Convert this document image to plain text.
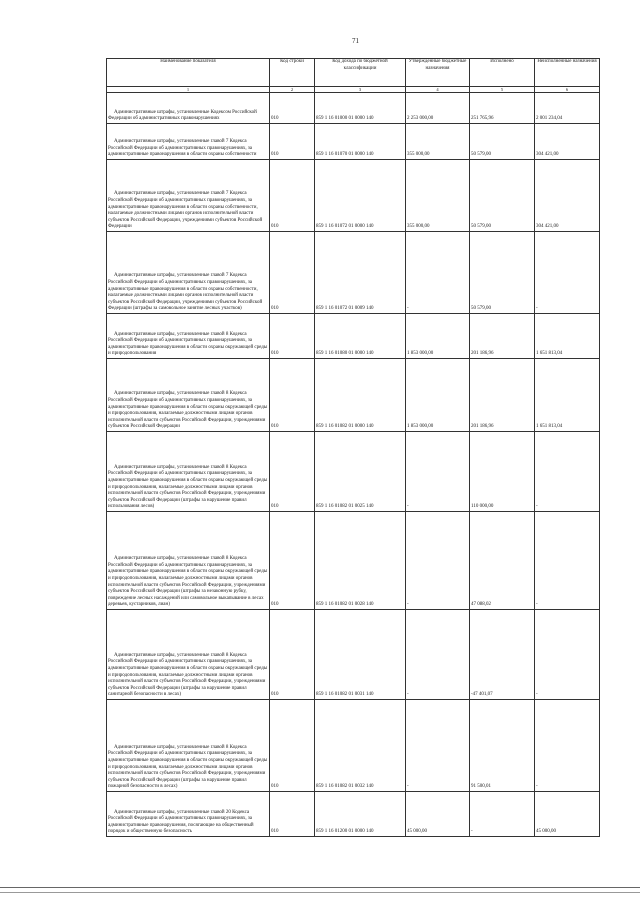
71
Наименование показателя	Код строки	Код дохода по бюджетной классификации	Утвержденные бюджетные назначения	Исполнено	Неисполненные назначения
1	2	3	4	5	6
Административные штрафы, установленные Кодексом Российской Федерации об административных правонарушениях	010	859 1 16 01000 01 0000 140	2 253 000,00	251 765,96	2 001 234,04
Административные штрафы, установленные главой 7 Кодекса Российской Федерации об административных правонарушениях, за административные правонарушения в области охраны собственности	010	859 1 16 01070 01 0000 140	355 000,00	50 579,00	304 421,00
Административные штрафы, установленные главой 7 Кодекса Российской Федерации об административных правонарушениях, за административные правонарушения в области охраны собственности, налагаемые должностными лицами органов исполнительной власти субъектов Российской Федерации, учреждениями субъектов Российской Федерации	010	859 1 16 01072 01 0000 140	355 000,00	50 579,00	304 421,00
Административные штрафы, установленные главой 7 Кодекса Российской Федерации об административных правонарушениях, за административные правонарушения в области охраны собственности, налагаемые должностными лицами органов исполнительной власти субъектов Российской Федерации, учреждениями субъектов Российской Федерации (штрафы за самовольное занятие лесных участков)	010	859 1 16 01072 01 0009 140	-	50 579,00	-
Административные штрафы, установленные главой 8 Кодекса Российской Федерации об административных правонарушениях, за административные правонарушения в области охраны окружающей среды и природопользования	010	859 1 16 01080 01 0000 140	1 853 000,00	201 186,96	1 651 813,04
Административные штрафы, установленные главой 8 Кодекса Российской Федерации об административных правонарушениях, за административные правонарушения в области охраны окружающей среды и природопользования, налагаемые должностными лицами органов исполнительной власти субъектов Российской Федерации, учреждениями субъектов Российской Федерации	010	859 1 16 01082 01 0000 140	1 853 000,00	201 186,96	1 651 813,04
Административные штрафы, установленные главой 8 Кодекса Российской Федерации об административных правонарушениях, за административные правонарушения в области охраны окружающей среды и природопользования, налагаемые должностными лицами органов исполнительной власти субъектов Российской Федерации, учреждениями субъектов Российской Федерации (штрафы за нарушение правил использования лесов)	010	859 1 16 01082 01 0025 140	-	110 000,00	-
Административные штрафы, установленные главой 8 Кодекса Российской Федерации об административных правонарушениях, за административные правонарушения в области охраны окружающей среды и природопользования, налагаемые должностными лицами органов исполнительной власти субъектов Российской Федерации, учреждениями субъектов Российской Федерации (штрафы за незаконную рубку, повреждение лесных насаждений или самовольное выкапывание в лесах деревьев, кустарников, лиан)	010	859 1 16 01082 01 0028 140	-	47 088,02	-
Административные штрафы, установленные главой 8 Кодекса Российской Федерации об административных правонарушениях, за административные правонарушения в области охраны окружающей среды и природопользования, налагаемые должностными лицами органов исполнительной власти субъектов Российской Федерации, учреждениями субъектов Российской Федерации (штрафы за нарушение правил санитарной безопасности в лесах)	010	859 1 16 01082 01 0031 140	-	-47 401,07	-
Административные штрафы, установленные главой 8 Кодекса Российской Федерации об административных правонарушениях, за административные правонарушения в области охраны окружающей среды и природопользования, налагаемые должностными лицами органов исполнительной власти субъектов Российской Федерации, учреждениями субъектов Российской Федерации (штрафы за нарушение правил пожарной безопасности в лесах)	010	859 1 16 01082 01 0032 140	-	91 500,01	-
Административные штрафы, установленные главой 20 Кодекса Российской Федерации об административных правонарушениях, за административные правонарушения, посягающие на общественный порядок и общественную безопасность	010	859 1 16 01200 01 0000 140	45 000,00	-	45 000,00
